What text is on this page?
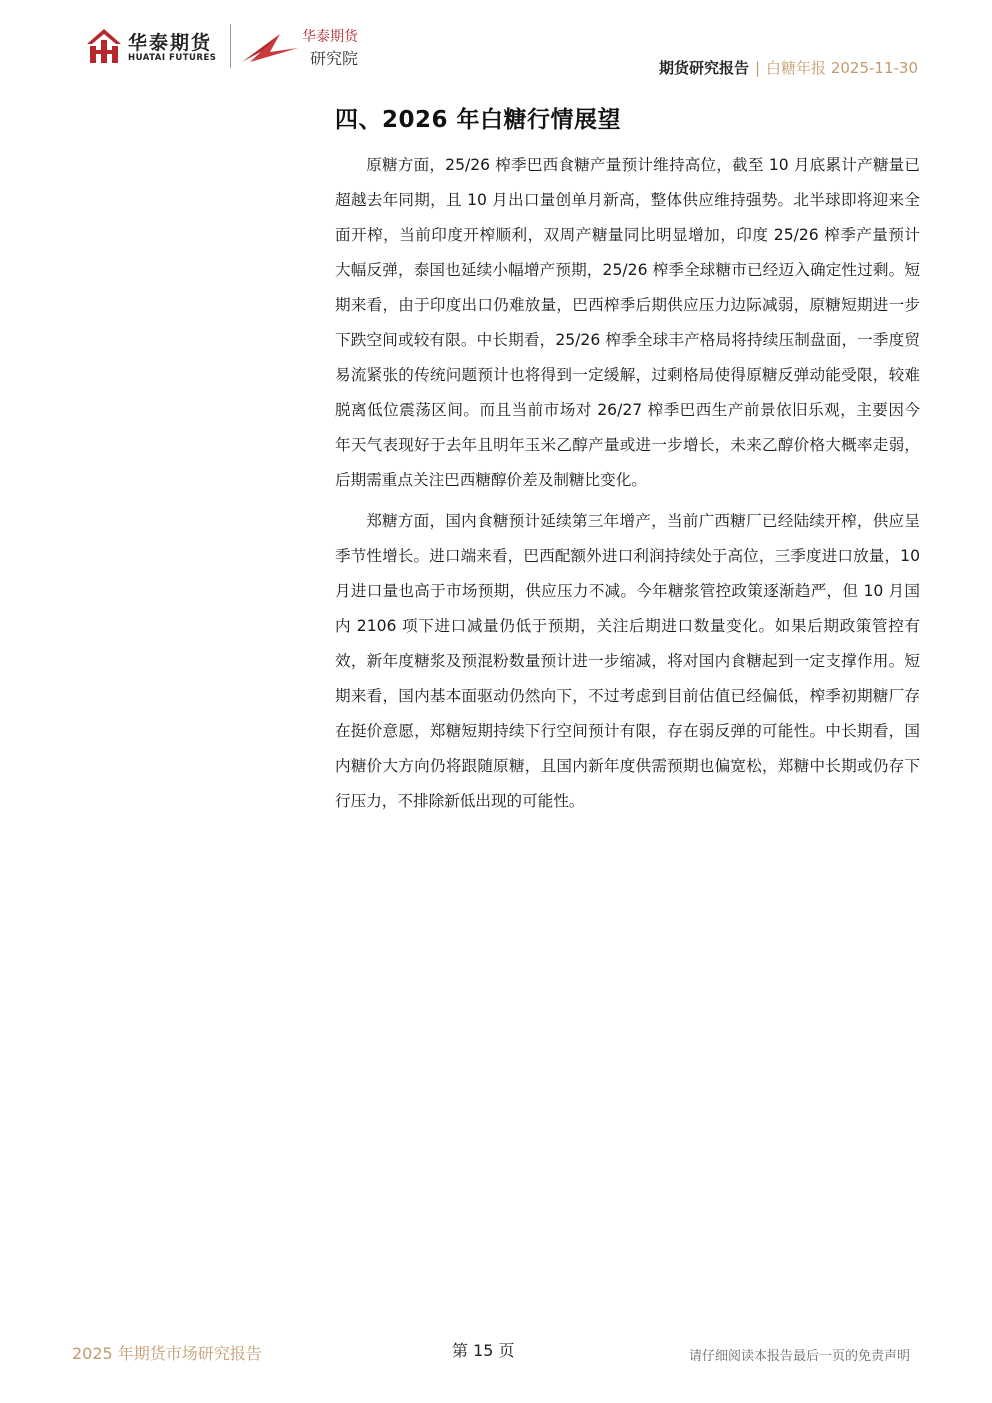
华泰期货
HUATAI FUTURES
华泰期货
研究院	期货研究报告 | 白糖年报 2025-11-30
四、2026 年白糖行情展望

原糖方面，25/26 榨季巴西食糖产量预计维持高位，截至 10 月底累计产糖量已超越去年同期，且 10 月出口量创单月新高，整体供应维持强势。北半球即将迎来全面开榨，当前印度开榨顺利，双周产糖量同比明显增加，印度 25/26 榨季产量预计大幅反弹，泰国也延续小幅增产预期，25/26 榨季全球糖市已经迈入确定性过剩。短期来看，由于印度出口仍难放量，巴西榨季后期供应压力边际减弱，原糖短期进一步下跌空间或较有限。中长期看，25/26 榨季全球丰产格局将持续压制盘面，一季度贸易流紧张的传统问题预计也将得到一定缓解，过剩格局使得原糖反弹动能受限，较难脱离低位震荡区间。而且当前市场对 26/27 榨季巴西生产前景依旧乐观，主要因今年天气表现好于去年且明年玉米乙醇产量或进一步增长，未来乙醇价格大概率走弱，后期需重点关注巴西糖醇价差及制糖比变化。

郑糖方面，国内食糖预计延续第三年增产，当前广西糖厂已经陆续开榨，供应呈季节性增长。进口端来看，巴西配额外进口利润持续处于高位，三季度进口放量，10 月进口量也高于市场预期，供应压力不减。今年糖浆管控政策逐渐趋严，但 10 月国内 2106 项下进口减量仍低于预期，关注后期进口数量变化。如果后期政策管控有效，新年度糖浆及预混粉数量预计进一步缩减，将对国内食糖起到一定支撑作用。短期来看，国内基本面驱动仍然向下，不过考虑到目前估值已经偏低，榨季初期糖厂存在挺价意愿，郑糖短期持续下行空间预计有限，存在弱反弹的可能性。中长期看，国内糖价大方向仍将跟随原糖，且国内新年度供需预期也偏宽松，郑糖中长期或仍存下行压力，不排除新低出现的可能性。

2025 年期货市场研究报告	第 15 页	请仔细阅读本报告最后一页的免责声明
